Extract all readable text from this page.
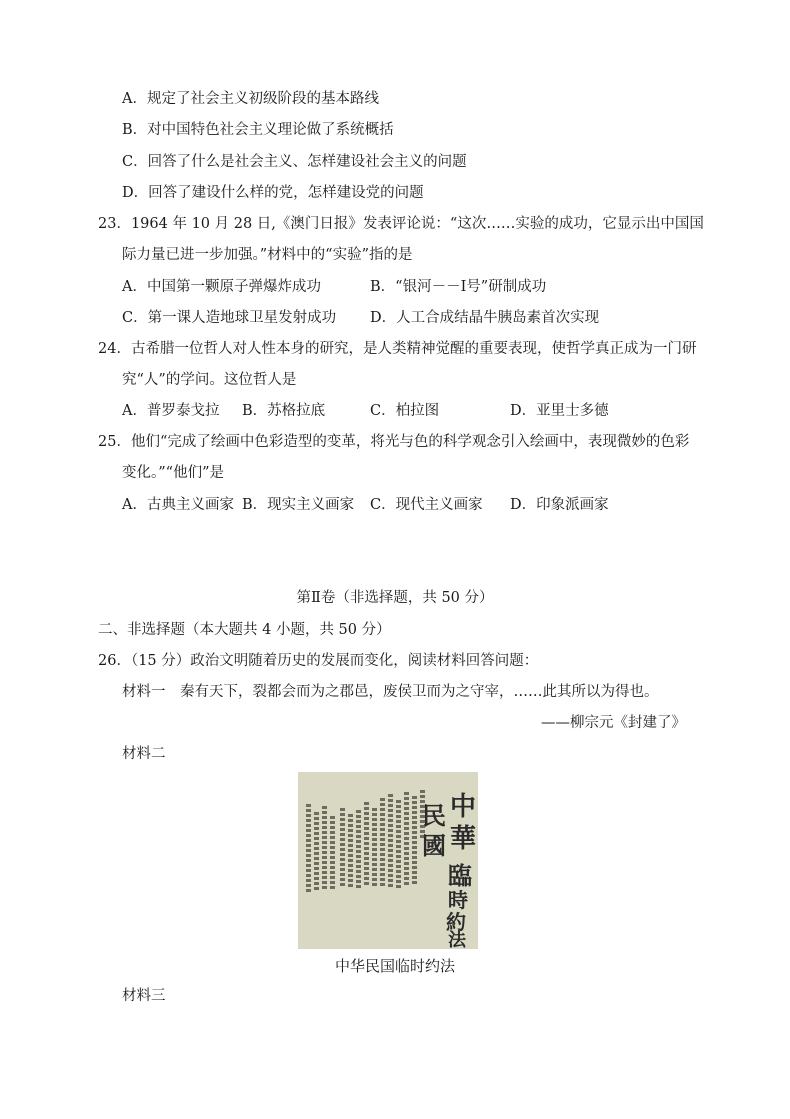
A．规定了社会主义初级阶段的基本路线
B．对中国特色社会主义理论做了系统概括
C．回答了什么是社会主义、怎样建设社会主义的问题
D．回答了建设什么样的党，怎样建设党的问题
23．1964 年 10 月 28 日,《澳门日报》发表评论说：“这次……实验的成功，它显示出中国国
际力量已进一步加强。”材料中的“实验”指的是
A．中国第一颗原子弹爆炸成功	B．“银河－－Ⅰ号”研制成功
C．第一课人造地球卫星发射成功 D．人工合成结晶牛胰岛素首次实现
24．古希腊一位哲人对人性本身的研究，是人类精神觉醒的重要表现，使哲学真正成为一门研
究“人”的学问。这位哲人是
A．普罗泰戈拉 B．苏格拉底	C．柏拉图	D．亚里士多德
25．他们“完成了绘画中色彩造型的变革，将光与色的科学观念引入绘画中，表现微妙的色彩
变化。”“他们”是
A．古典主义画家 B．现实主义画家 C．现代主义画家 D．印象派画家
第Ⅱ卷（非选择题，共 50 分）
二、非选择题（本大题共 4 小题，共 50 分）
26．（15 分）政治文明随着历史的发展而变化，阅读材料回答问题：
材料一　秦有天下，裂都会而为之郡邑，废侯卫而为之守宰，……此其所以为得也。
——柳宗元《封建了》
材料二
中
華
民
國
臨
時
約
法
中华民国临时约法
材料三
